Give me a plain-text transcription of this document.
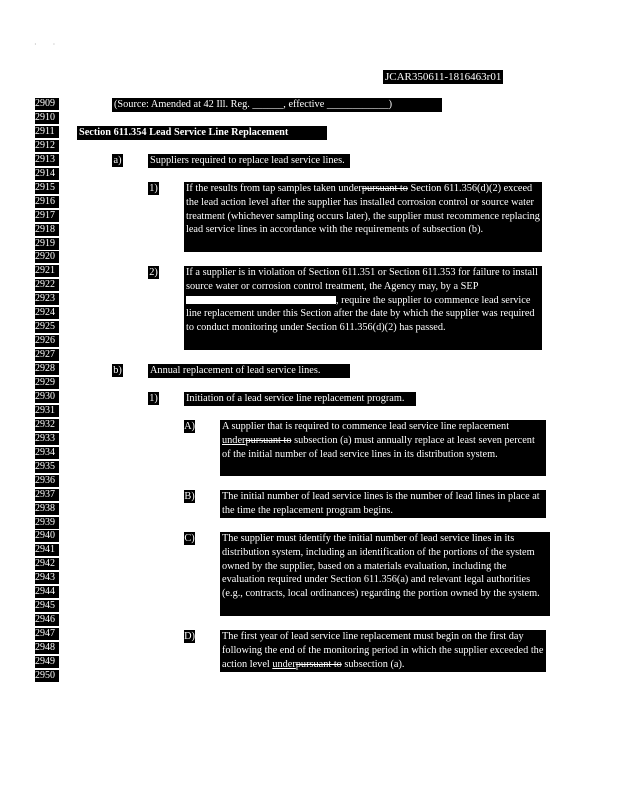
·        ·
JCAR350611-1816463r01
2909
2910
2911
2912
2913
2914
2915
2916
2917
2918
2919
2920
2921
2922
2923
2924
2925
2926
2927
2928
2929
2930
2931
2932
2933
2934
2935
2936
2937
2938
2939
2940
2941
2942
2943
2944
2945
2946
2947
2948
2949
2950
(Source: Amended at 42 Ill. Reg. ______, effective ____________)
Section 611.354 Lead Service Line Replacement
a)	Suppliers required to replace lead service lines.
1)	If the results from tap samples taken underpursuant to Section 611.356(d)(2) exceed the lead action level after the supplier has installed corrosion control or source water treatment (whichever sampling occurs later), the supplier must recommence replacing lead service lines in accordance with the requirements of subsection (b).
2)	If a supplier is in violation of Section 611.351 or Section 611.353 for failure to install source water or corrosion control treatment, the Agency may, by a SEP , require the supplier to commence lead service line replacement under this Section after the date by which the supplier was required to conduct monitoring under Section 611.356(d)(2) has passed.
b)	Annual replacement of lead service lines.
1)	Initiation of a lead service line replacement program.
A)	A supplier that is required to commence lead service line replacement underpursuant to subsection (a) must annually replace at least seven percent of the initial number of lead service lines in its distribution system.
B)	The initial number of lead service lines is the number of lead lines in place at the time the replacement program begins.
C)	The supplier must identify the initial number of lead service lines in its distribution system, including an identification of the portions of the system owned by the supplier, based on a materials evaluation, including the evaluation required under Section 611.356(a) and relevant legal authorities (e.g., contracts, local ordinances) regarding the portion owned by the system.
D)	The first year of lead service line replacement must begin on the first day following the end of the monitoring period in which the supplier exceeded the action level underpursuant to subsection (a).
